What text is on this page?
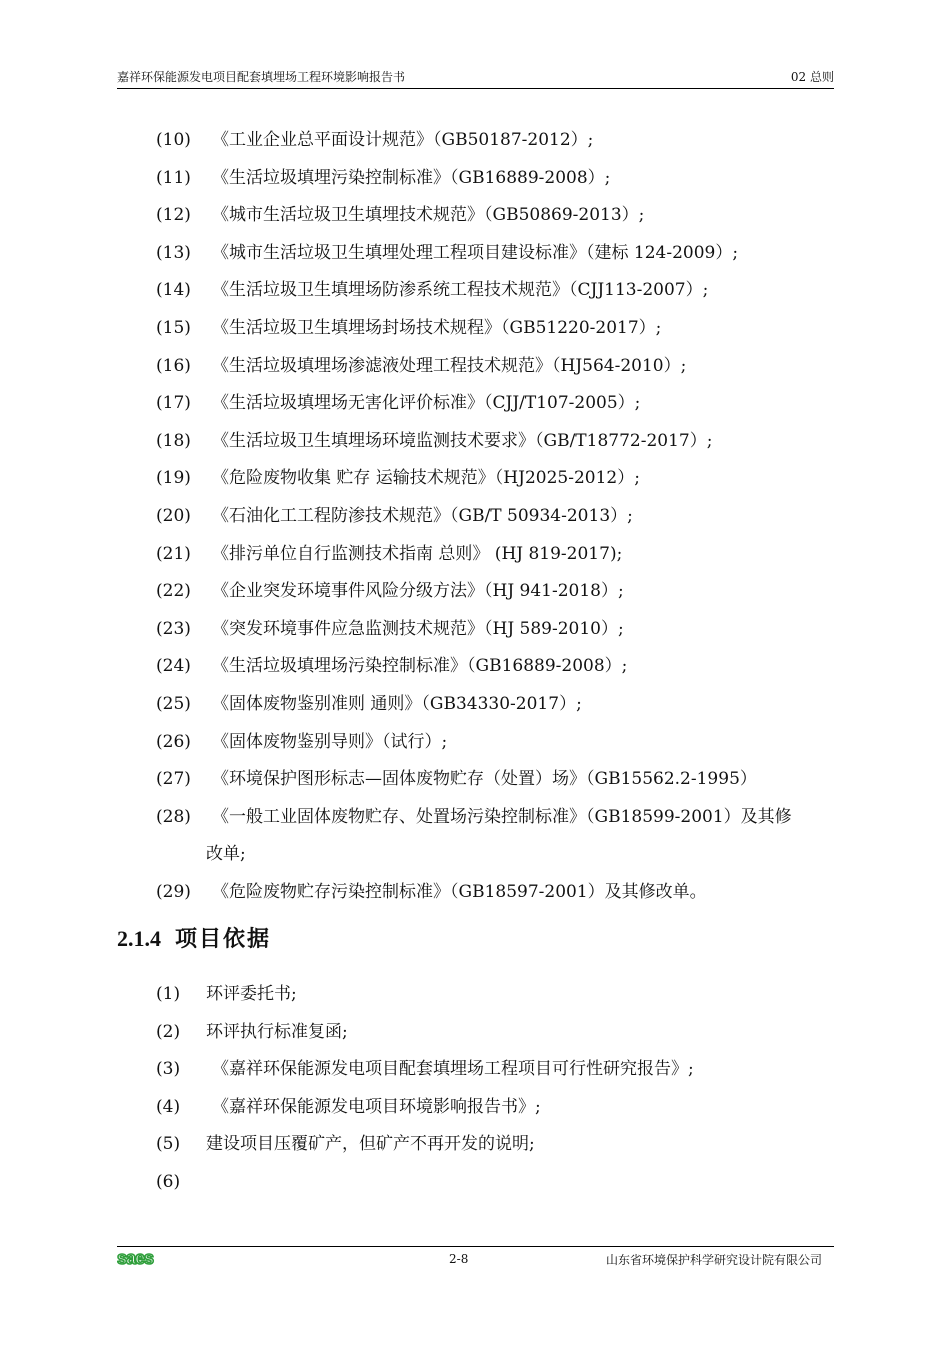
嘉祥环保能源发电项目配套填埋场工程环境影响报告书	02 总则
(10) 《工业企业总平面设计规范》（GB50187-2012）;

(11) 《生活垃圾填埋污染控制标准》（GB16889-2008）;

(12) 《城市生活垃圾卫生填埋技术规范》（GB50869-2013）;

(13) 《城市生活垃圾卫生填埋处理工程项目建设标准》（建标 124-2009）;

(14) 《生活垃圾卫生填埋场防渗系统工程技术规范》（CJJ113-2007）;

(15) 《生活垃圾卫生填埋场封场技术规程》（GB51220-2017）;

(16) 《生活垃圾填埋场渗滤液处理工程技术规范》（HJ564-2010）;

(17) 《生活垃圾填埋场无害化评价标准》（CJJ/T107-2005）;

(18) 《生活垃圾卫生填埋场环境监测技术要求》（GB/T18772-2017）;

(19) 《危险废物收集 贮存 运输技术规范》（HJ2025-2012）;

(20) 《石油化工工程防渗技术规范》（GB/T 50934-2013）;

(21) 《排污单位自行监测技术指南 总则》 (HJ 819-2017);

(22) 《企业突发环境事件风险分级方法》（HJ 941-2018）;

(23) 《突发环境事件应急监测技术规范》（HJ 589-2010）;

(24) 《生活垃圾填埋场污染控制标准》（GB16889-2008）;

(25) 《固体废物鉴别准则 通则》（GB34330-2017）;

(26) 《固体废物鉴别导则》（试行）;

(27) 《环境保护图形标志—固体废物贮存（处置）场》（GB15562.2-1995）

(28) 《一般工业固体废物贮存、处置场污染控制标准》（GB18599-2001）及其修
改单;
(29) 《危险废物贮存污染控制标准》（GB18597-2001）及其修改单。

2.1.4 项目依据
(1) 环评委托书;

(2) 环评执行标准复函;

(3) 《嘉祥环保能源发电项目配套填埋场工程项目可行性研究报告》;

(4) 《嘉祥环保能源发电项目环境影响报告书》;

(5) 建设项目压覆矿产，但矿产不再开发的说明;

(6)

saes	2-8	山东省环境保护科学研究设计院有限公司
